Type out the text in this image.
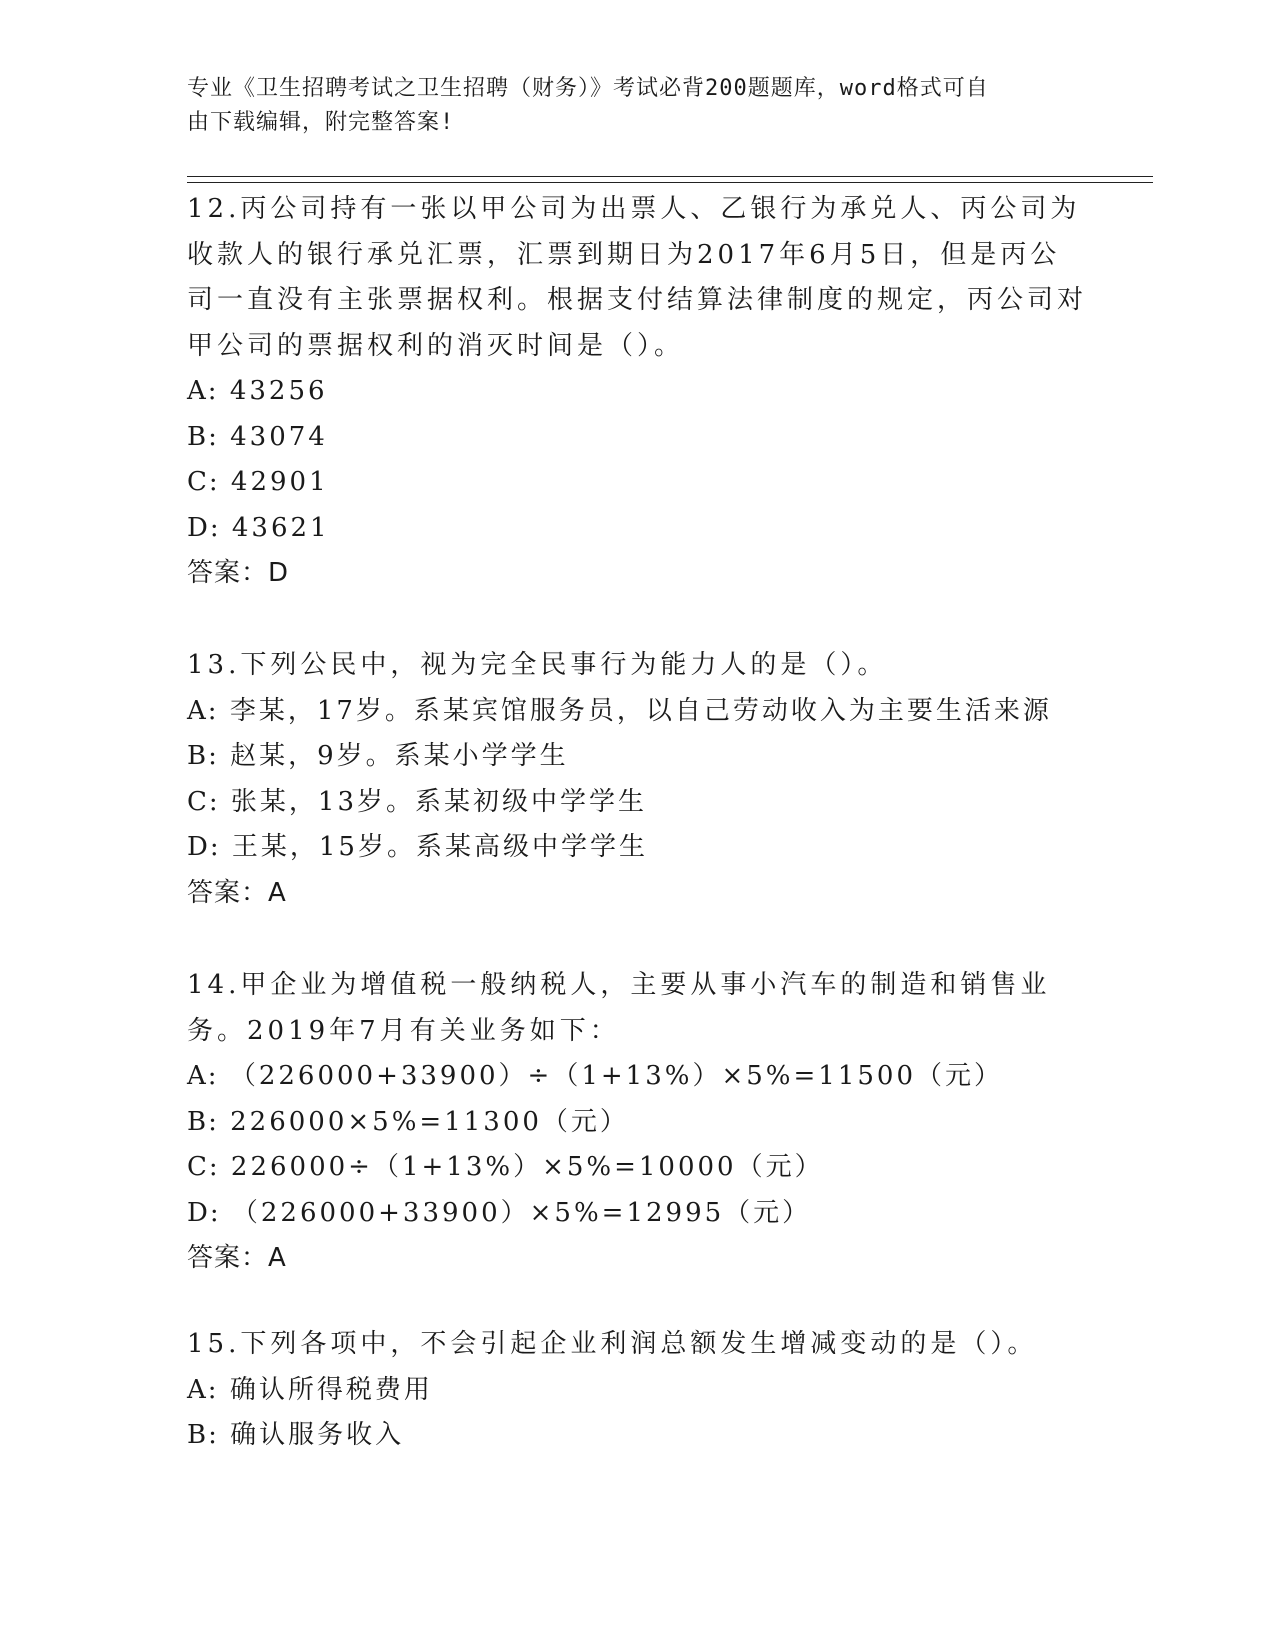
专业《卫生招聘考试之卫生招聘（财务）》考试必背200题题库，word格式可自
由下载编辑，附完整答案!

12.丙公司持有一张以甲公司为出票人、乙银行为承兑人、丙公司为收款人的银行承兑汇票，汇票到期日为2017年6月5日，但是丙公司一直没有主张票据权利。根据支付结算法律制度的规定，丙公司对甲公司的票据权利的消灭时间是（）。

A: 43256

B: 43074

C: 42901

D: 43621

答案：D

13.下列公民中，视为完全民事行为能力人的是（）。

A: 李某，17岁。系某宾馆服务员，以自己劳动收入为主要生活来源

B: 赵某，9岁。系某小学学生

C: 张某，13岁。系某初级中学学生

D: 王某，15岁。系某高级中学学生

答案：A

14.甲企业为增值税一般纳税人，主要从事小汽车的制造和销售业务。2019年7月有关业务如下：

A: （226000+33900）÷（1+13%）×5%=11500（元）

B: 226000×5%=11300（元）

C: 226000÷（1+13%）×5%=10000（元）

D: （226000+33900）×5%=12995（元）

答案：A

15.下列各项中，不会引起企业利润总额发生增减变动的是（）。

A: 确认所得税费用

B: 确认服务收入
